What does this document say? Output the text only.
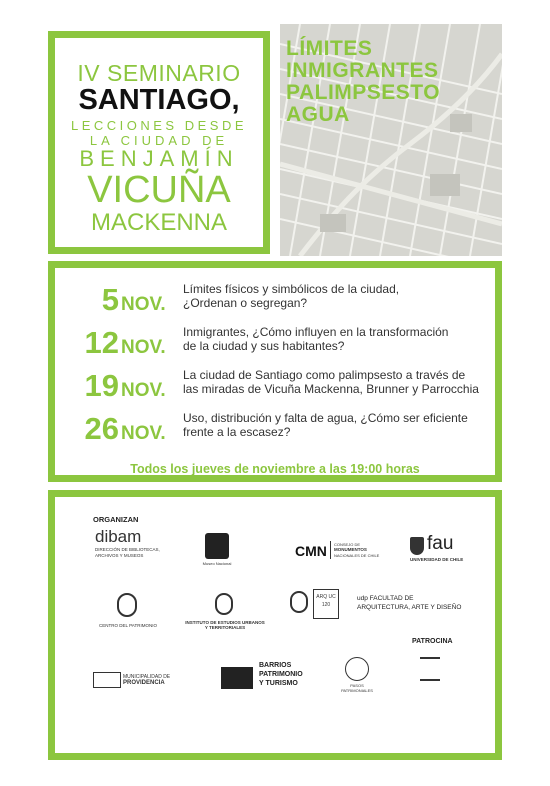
IV SEMINARIO
SANTIAGO,
LECCIONES DESDE
LA CIUDAD DE
BENJAMÍN
VICUÑA
MACKENNA
LÍMITES
INMIGRANTES
PALIMPSESTO
AGUA
5 NOV.
Límites físicos y simbólicos de la ciudad,
¿Ordenan o segregan?
12 NOV.
Inmigrantes, ¿Cómo influyen en la transformación
de la ciudad y sus habitantes?
19 NOV.
La ciudad de Santiago como palimpsesto a través de
las miradas de Vicuña Mackenna, Brunner y Parrocchia
26 NOV.
Uso, distribución y falta de agua, ¿Cómo ser eficiente
frente a la escasez?
Todos los jueves de noviembre a las 19:00 horas
ORGANIZAN
dibam
DIRECCIÓN DE BIBLIOTECAS,
ARCHIVOS Y MUSEOS
Museo Nacional
CMN CONSEJO DE
MONUMENTOS
NACIONALES DE CHILE
fau
UNIVERSIDAD DE CHILE
CENTRO DEL PATRIMONIO
INSTITUTO DE ESTUDIOS URBANOS
Y TERRITORIALES
ARQ UC 120
udp FACULTAD DE
ARQUITECTURA, ARTE Y DISEÑO
PATROCINA
MUNICIPALIDAD DE
PROVIDENCIA
BARRIOS
PATRIMONIO
Y TURISMO	PASOS PATRIMONIALES
